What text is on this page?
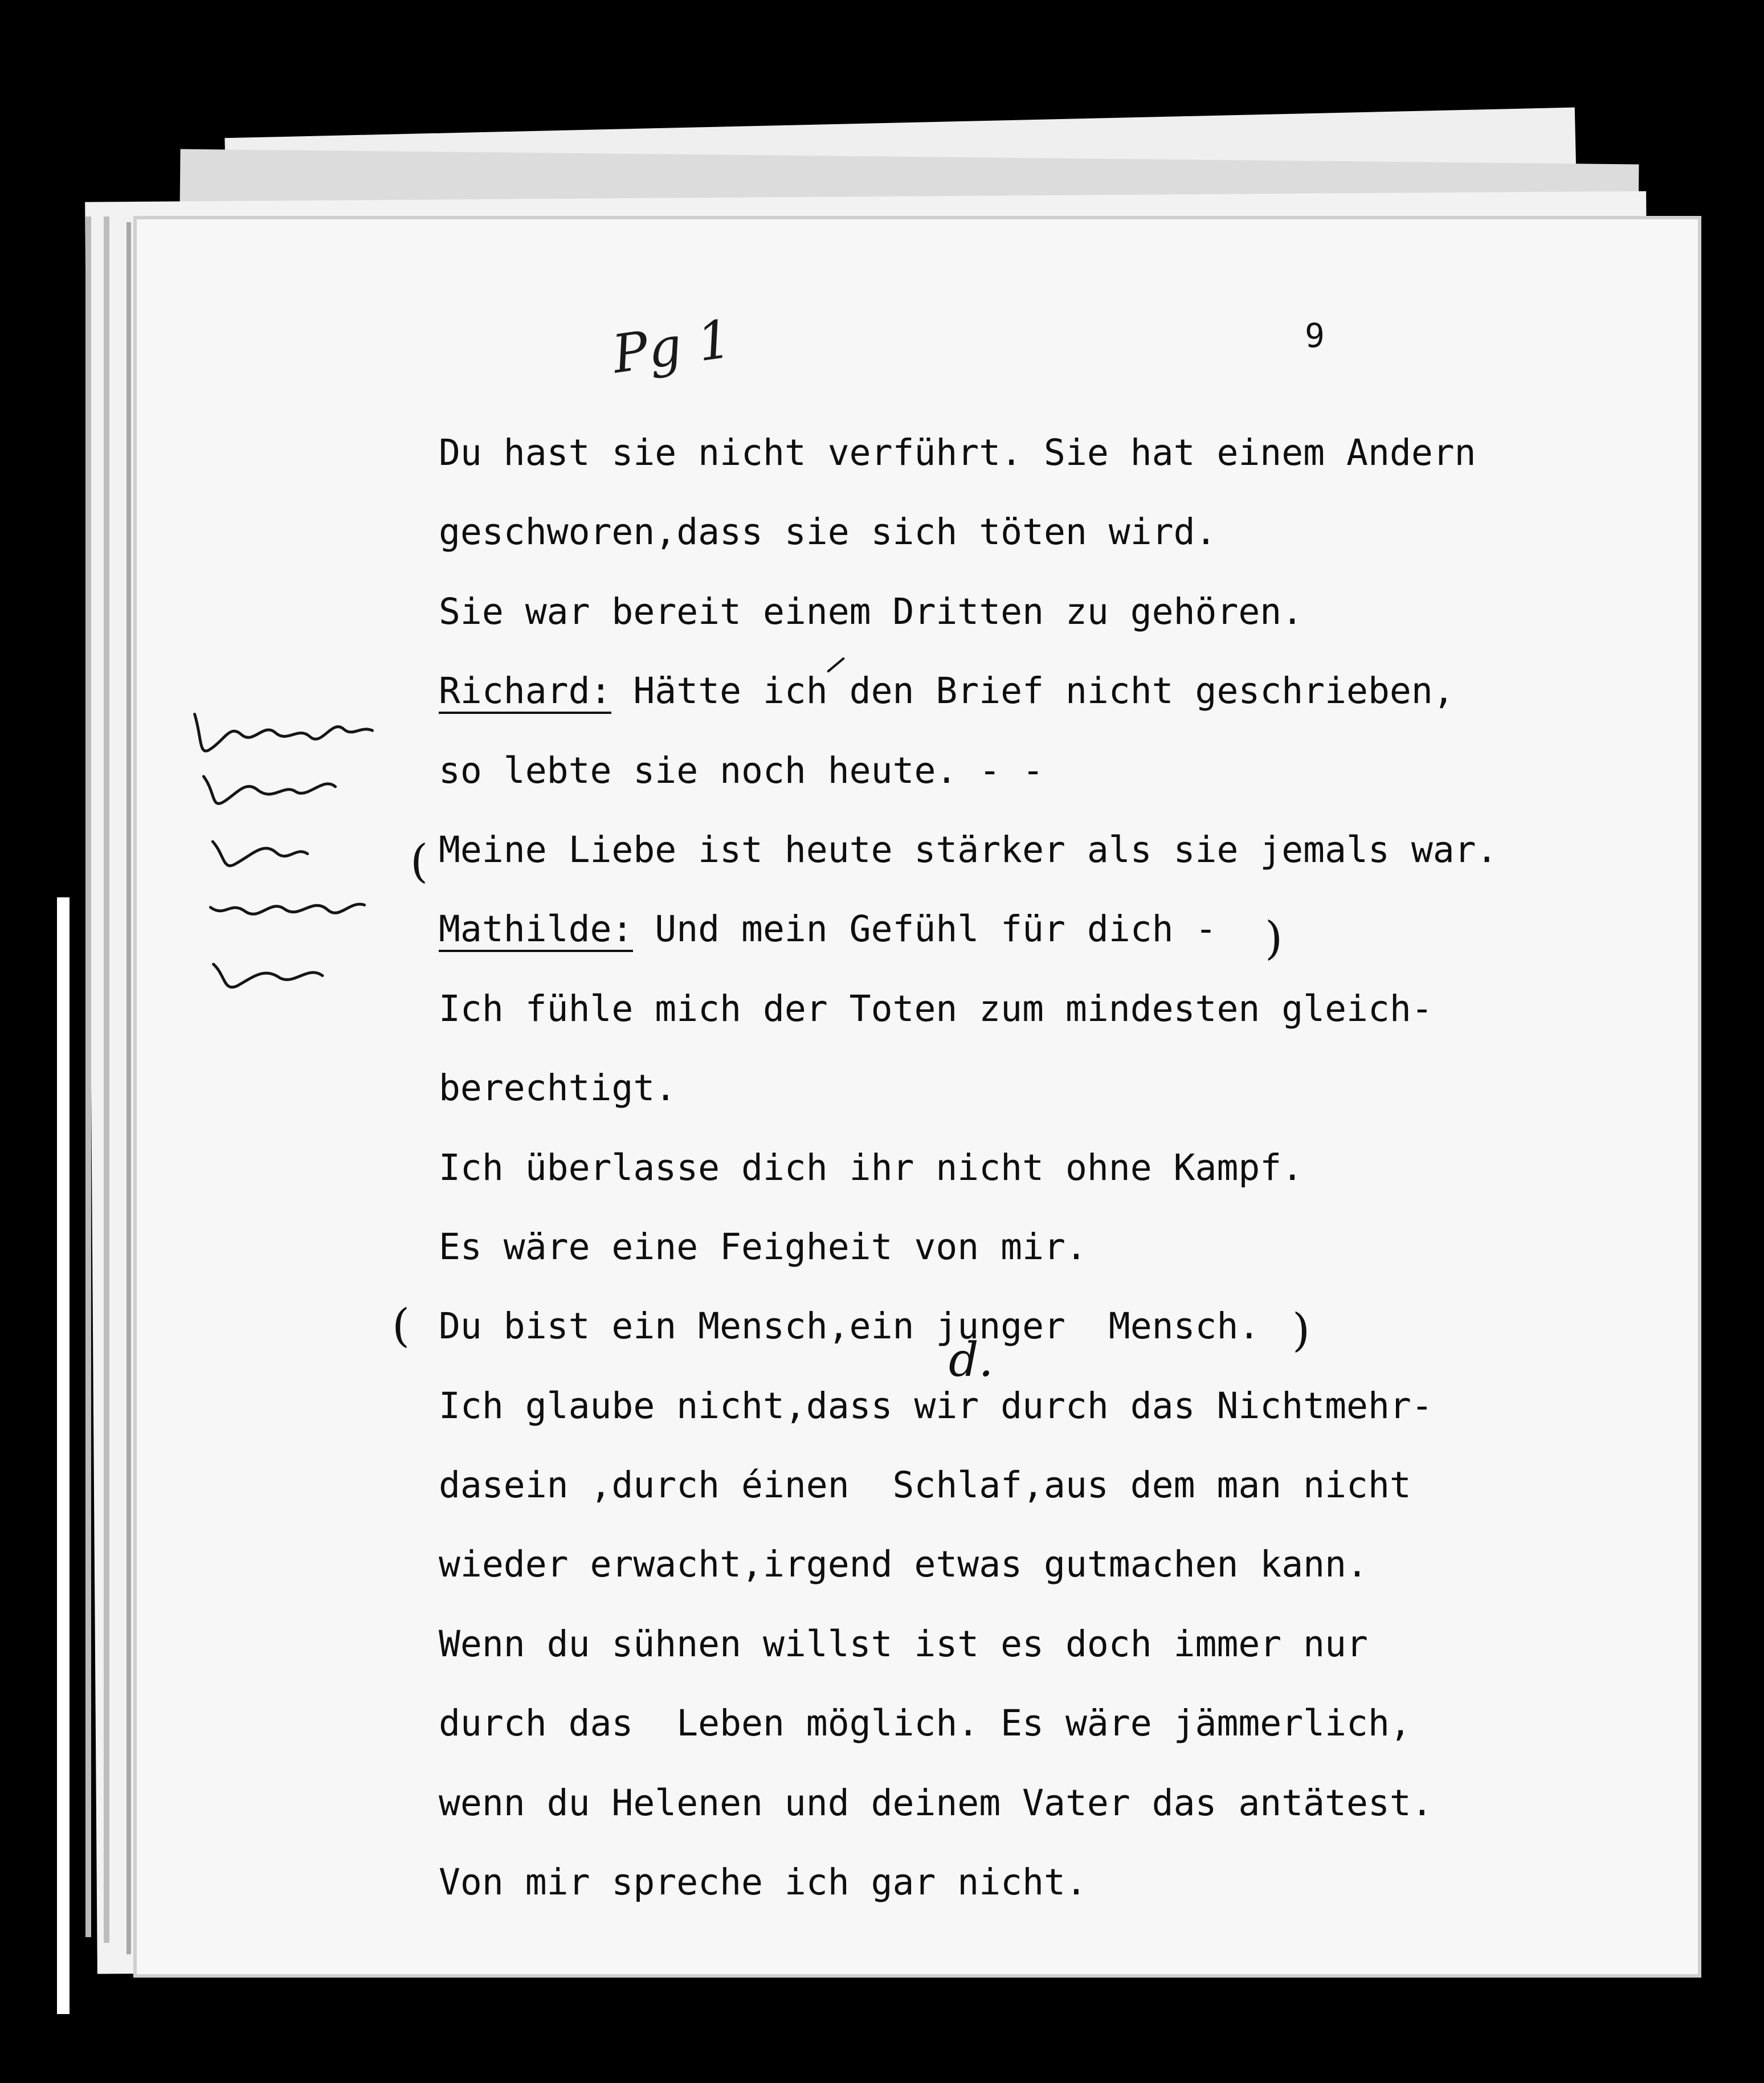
Pg 1	9
Du hast sie nicht verführt. Sie hat einem Andern
geschworen,dass sie sich töten wird.
Sie war bereit einem Dritten zu gehören.
Richard: Hätte ich den Brief nicht geschrieben,
so lebte sie noch heute. - -
Meine Liebe ist heute stärker als sie jemals war.
Mathilde: Und mein Gefühl für dich -
Ich fühle mich der Toten zum mindesten gleich-
berechtigt.
Ich überlasse dich ihr nicht ohne Kampf.
Es wäre eine Feigheit von mir.
Du bist ein Mensch,ein junger  Mensch.
Ich glaube nicht,dass wir durch das Nichtmehr-
dasein ,durch éinen  Schlaf,aus dem man nicht
wieder erwacht,irgend etwas gutmachen kann.
Wenn du sühnen willst ist es doch immer nur
durch das  Leben möglich. Es wäre jämmerlich,
wenn du Helenen und deinem Vater das antätest.
Von mir spreche ich gar nicht.
(
)
(	)
d.
